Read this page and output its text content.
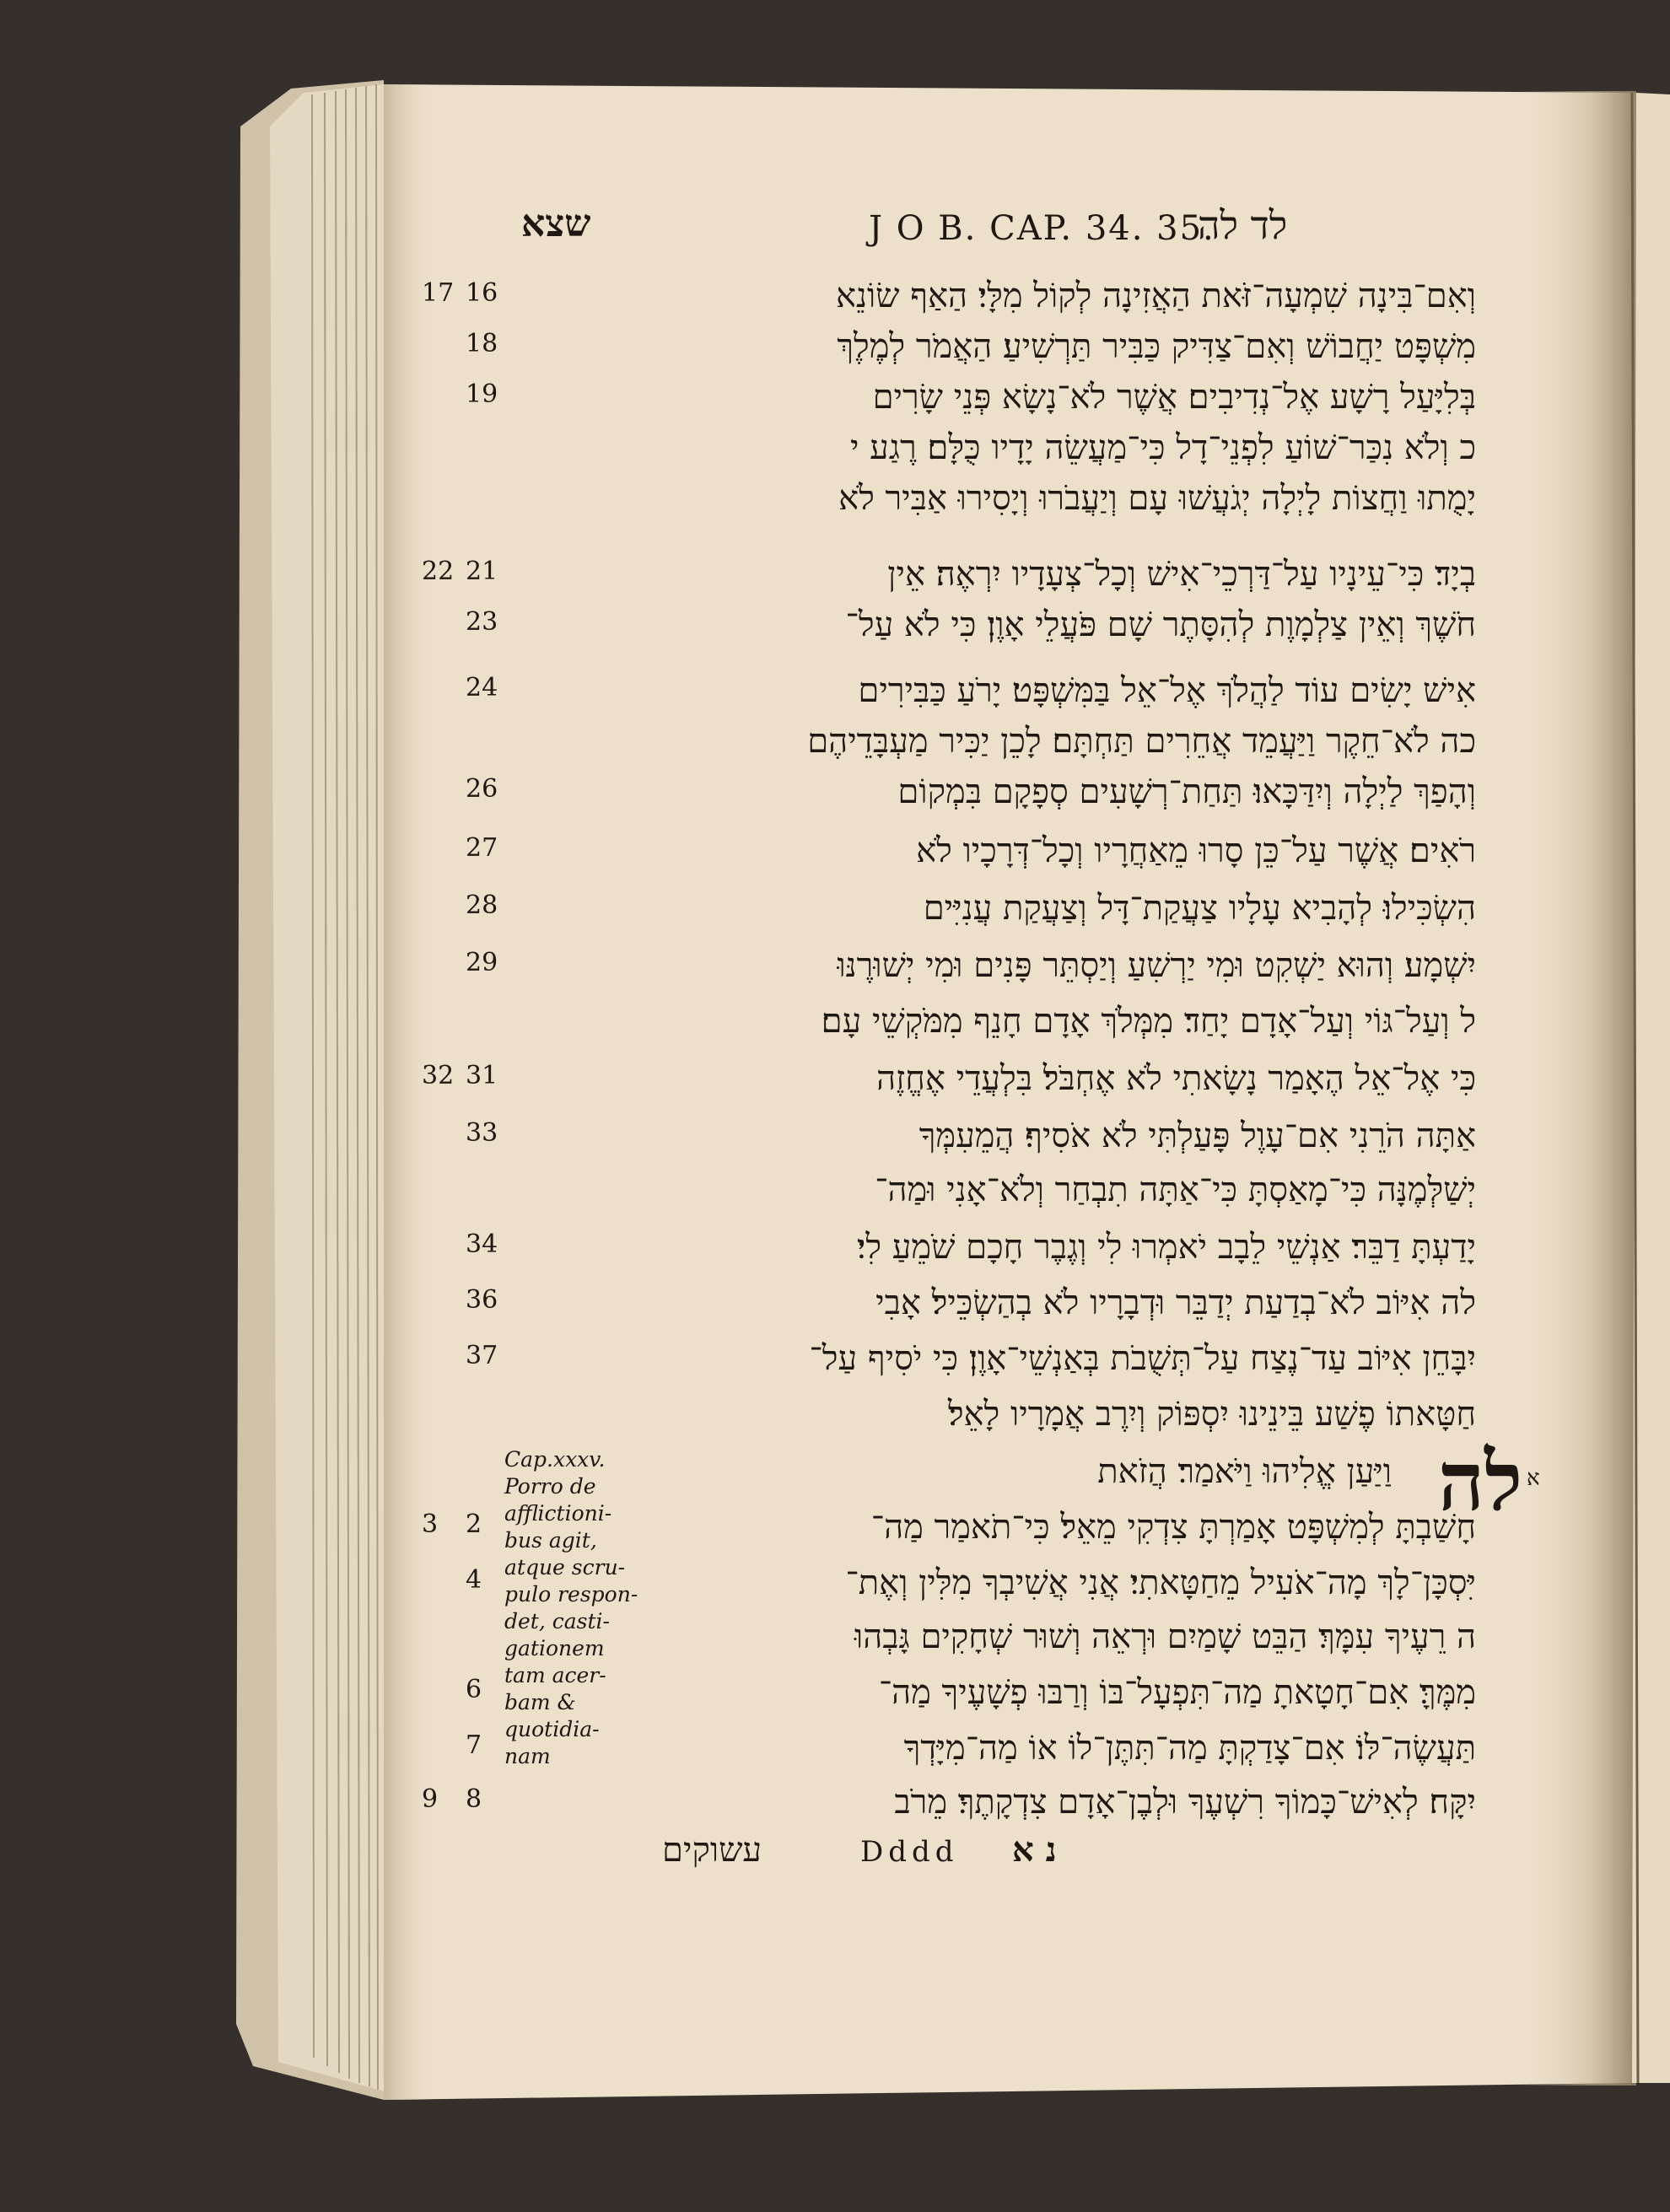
שצא	J O B. CAP. 34. 35.
לד לה
17 16	וְאִם־בִּינָה שִׁמְעָה־זֹּאת הַאֲזִינָה לְקוֹל מִלָּי׃ הַאַף שׂוֹנֵא
18	מִשְׁפָּט יַחֲבוֹשׁ וְאִם־צַדִּיק כַּבִּיר תַּרְשִׁיעַ׃ הַאֲמֹר לְמֶלֶךְ
19	בְּלִיָּעַל רָשָׁע אֶל־נְדִיבִים׃ אֲשֶׁר לֹא־נָשָׂא פְּנֵי שָׂרִים
כ וְלֹא נִכַּר־שׁוֹעַ לִפְנֵי־דָל כִּי־מַעֲשֵׂה יָדָיו כֻּלָּם׃ רֶגַע י
יָמֻתוּ וַחֲצוֹת לָיְלָה יְגֹעֲשׁוּ עָם וְיַעֲבֹרוּ וְיָסִירוּ אַבִּיר לֹא
22 21	בְיָד׃ כִּי־עֵינָיו עַל־דַּרְכֵי־אִישׁ וְכָל־צְעָדָיו יִרְאֶה׃ אֵין
23	חֹשֶׁךְ וְאֵין צַלְמָוֶת לְהִסָּתֶר שָׁם פֹּעֲלֵי אָוֶן׃ כִּי לֹא עַל־
24	אִישׁ יָשִׂים עוֹד לַהֲלֹךְ אֶל־אֵל בַּמִּשְׁפָּט׃ יָרֹעַ כַּבִּירִים
כה לֹא־חֵקֶר וַיַּעֲמֵד אֲחֵרִים תַּחְתָּם׃ לָכֵן יַכִּיר מַעְבָּדֵיהֶם
26	וְהָפַךְ לַיְלָה וְיִדַּכָּאוּ׃ תַּחַת־רְשָׁעִים סְפָקָם בִּמְקוֹם
27	רֹאִים׃ אֲשֶׁר עַל־כֵּן סָרוּ מֵאַחֲרָיו וְכָל־דְּרָכָיו לֹא
28	הִשְׂכִּילוּ׃ לְהָבִיא עָלָיו צַעֲקַת־דָּל וְצַעֲקַת עֲנִיִּים
29	יִשְׁמָע׃ וְהוּא יַשְׁקִט וּמִי יַרְשִׁעַ וְיַסְתֵּר פָּנִים וּמִי יְשׁוּרֶנּוּ
ל וְעַל־גּוֹי וְעַל־אָדָם יָחַד׃ מִמְּלֹךְ אָדָם חָנֵף מִמֹּקְשֵׁי עָם׃
32 31	כִּי אֶל־אֵל הֶאָמַר נָשָׂאתִי לֹא אֶחְבֹּל׃ בִּלְעֲדֵי אֶחֱזֶה
33	אַתָּה הֹרֵנִי אִם־עָוֶל פָּעַלְתִּי לֹא אֹסִיף׃ הֲמֵעִמְּךָ
יְשַׁלְּמֶנָּה כִּי־מָאַסְתָּ כִּי־אַתָּה תִבְחַר וְלֹא־אָנִי וּמַה־
34	יָדַעְתָּ דַבֵּר׃ אַנְשֵׁי לֵבָב יֹאמְרוּ לִי וְגֶבֶר חָכָם שֹׁמֵעַ לִי׃
36	לה אִיּוֹב לֹא־בְדַעַת יְדַבֵּר וּדְבָרָיו לֹא בְהַשְׂכֵּיל׃ אָבִי
37	יִבָּחֵן אִיּוֹב עַד־נֶצַח עַל־תְּשֻׁבֹת בְּאַנְשֵׁי־אָוֶן׃ כִּי יֹסִיף עַל־
חַטָּאתוֹ פֶשַׁע בֵּינֵינוּ יִסְפּוֹק וְיִרֶב אֲמָרָיו לָאֵל׃
לה א
וַיַּעַן אֱלִיהוּ וַיֹּאמַר׃ הֲזֹאת
3	2	חָשַׁבְתָּ לְמִשְׁפָּט אָמַרְתָּ צִדְקִי מֵאֵל׃ כִּי־תֹאמַר מַה־
4	יִּסְכָּן־לָךְ מָה־אֹעִיל מֵחַטָּאתִי׃ אֲנִי אֲשִׁיבְךָ מִלִּין וְאֶת־
ה רֵעֶיךָ עִמָּךְ׃ הַבֵּט שָׁמַיִם וּרְאֵה וְשׁוּר שְׁחָקִים גָּבְהוּ
6	מִמֶּךָּ׃ אִם־חָטָאתָ מַה־תִּפְעָל־בּוֹ וְרַבּוּ פְשָׁעֶיךָ מַה־
7	תַּעֲשֶׂה־לּוֹ׃ אִם־צָדַקְתָּ מַה־תִּתֶּן־לוֹ אוֹ מַה־מִיָּדְךָ
9	8	יִקָּח׃ לְאִישׁ־כָּמוֹךָ רִשְׁעֶךָ וּלְבֶן־אָדָם צִדְקָתֶךָ׃ מֵרֹב
Cap.xxxv.
Porro de
afflictioni-
bus agit,
atque scru-
pulo respon-
det, casti-
gationem
tam acer-
bam &
quotidia-
nam
עשוקים	Dddd נ א
